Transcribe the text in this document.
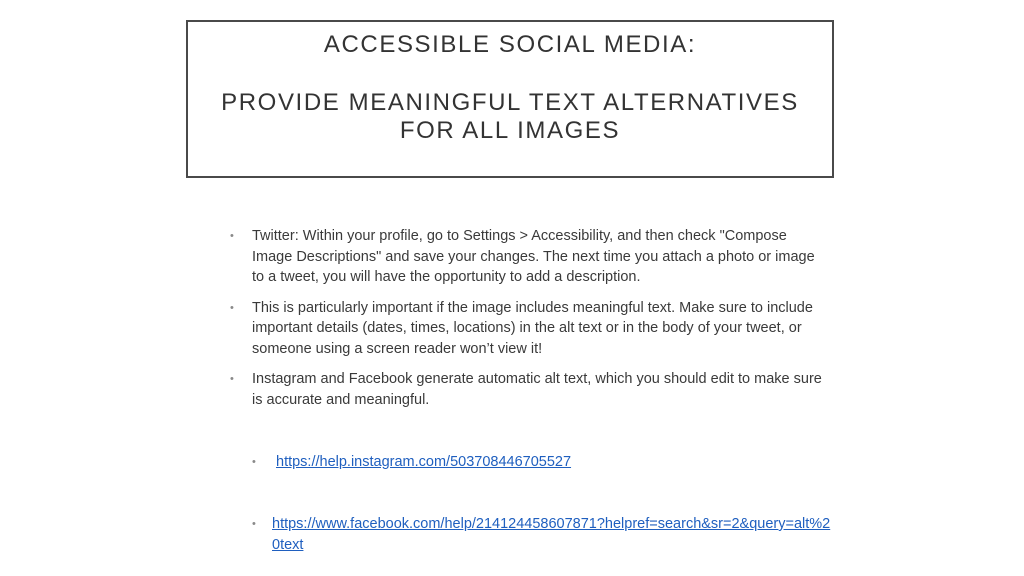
ACCESSIBLE SOCIAL MEDIA:
PROVIDE MEANINGFUL TEXT ALTERNATIVES
FOR ALL IMAGES
• Twitter: Within your profile, go to Settings > Accessibility, and then check "Compose Image Descriptions" and save your changes. The next time you attach a photo or image to a tweet, you will have the opportunity to add a description.
• This is particularly important if the image includes meaningful text. Make sure to include important details (dates, times, locations) in the alt text or in the body of your tweet, or someone using a screen reader won’t view it!
• Instagram and Facebook generate automatic alt text, which you should edit to make sure is accurate and meaningful.
• https://help.instagram.com/503708446705527
• https://www.facebook.com/help/214124458607871?helpref=search&sr=2&query=alt%20text
